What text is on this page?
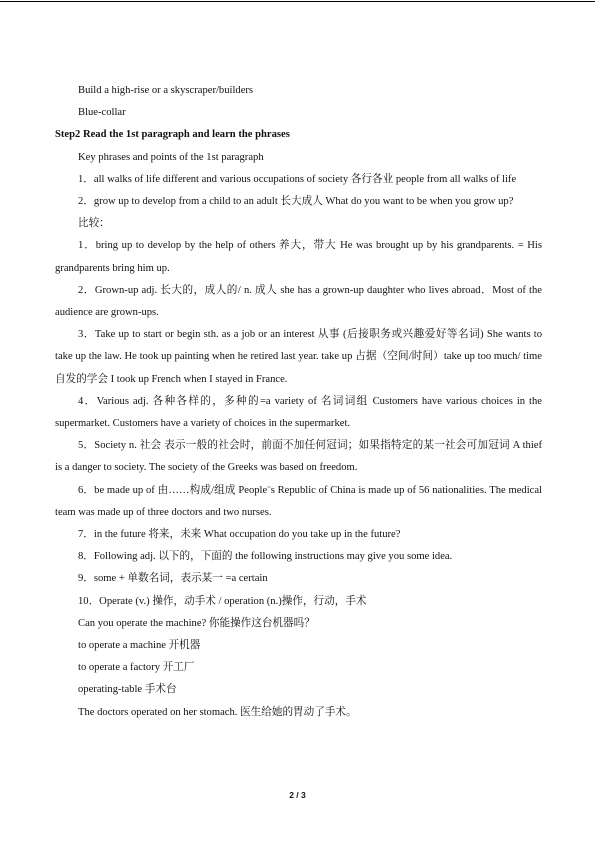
Build a high-rise or a skyscraper/builders

Blue-collar

Step2 Read the 1st paragraph and learn the phrases

Key phrases and points of the 1st paragraph

1．all walks of life different and various occupations of society 各行各业 people from all walks of life

2．grow up to develop from a child to an adult 长大成人 What do you want to be when you grow up?

比较：

1．bring up to develop by the help of others 养大，带大 He was brought up by his grandparents. = His grandparents bring him up.

2．Grown-up adj. 长大的，成人的/ n. 成人 she has a grown-up daughter who lives abroad．Most of the audience are grown-ups.

3．Take up to start or begin sth. as a job or an interest 从事 (后接职务或兴趣爱好等名词) She wants to take up the law. He took up painting when he retired last year. take up 占据（空间/时间）take up too much/ time 自发的学会 I took up French when I stayed in France.

4．Various adj. 各种各样的，多种的=a variety of 名词词组 Customers have various choices in the supermarket. Customers have a variety of choices in the supermarket.

5．Society n. 社会 表示一般的社会时，前面不加任何冠词；如果指特定的某一社会可加冠词 A thief is a danger to society. The society of the Greeks was based on freedom.

6．be made up of 由……构成/组成 People¨s Republic of China is made up of 56 nationalities. The medical team was made up of three doctors and two nurses.

7．in the future 将来，未来 What occupation do you take up in the future?

8．Following adj. 以下的，下面的 the following instructions may give you some idea.

9．some + 单数名词，表示某一 =a certain

10．Operate (v.) 操作，动手术 / operation (n.)操作，行动，手术

Can you operate the machine? 你能操作这台机器吗？

to operate a machine 开机器

to operate a factory 开工厂

operating-table 手术台

The doctors operated on her stomach. 医生给她的胃动了手术。

2 / 3
